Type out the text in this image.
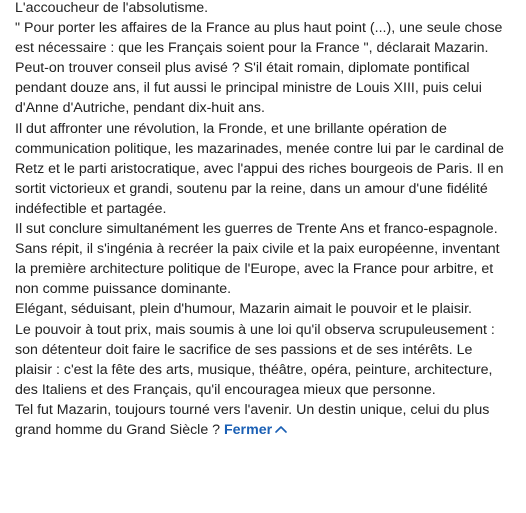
L'accoucheur de l'absolutisme.
" Pour porter les affaires de la France au plus haut point (...), une seule chose
est nécessaire : que les Français soient pour la France ", déclarait Mazarin.
Peut-on trouver conseil plus avisé ? S'il était romain, diplomate pontifical
pendant douze ans, il fut aussi le principal ministre de Louis XIII, puis celui
d'Anne d'Autriche, pendant dix-huit ans.
Il dut affronter une révolution, la Fronde, et une brillante opération de
communication politique, les mazarinades, menée contre lui par le cardinal de
Retz et le parti aristocratique, avec l'appui des riches bourgeois de Paris. Il en
sortit victorieux et grandi, soutenu par la reine, dans un amour d'une fidélité
indéfectible et partagée.
Il sut conclure simultanément les guerres de Trente Ans et franco-espagnole.
Sans répit, il s'ingénia à recréer la paix civile et la paix européenne, inventant
la première architecture politique de l'Europe, avec la France pour arbitre, et
non comme puissance dominante.
Elégant, séduisant, plein d'humour, Mazarin aimait le pouvoir et le plaisir.
Le pouvoir à tout prix, mais soumis à une loi qu'il observa scrupuleusement :
son détenteur doit faire le sacrifice de ses passions et de ses intérêts. Le
plaisir : c'est la fête des arts, musique, théâtre, opéra, peinture, architecture,
des Italiens et des Français, qu'il encouragea mieux que personne.
Tel fut Mazarin, toujours tourné vers l'avenir. Un destin unique, celui du plus
grand homme du Grand Siècle ? Fermer
